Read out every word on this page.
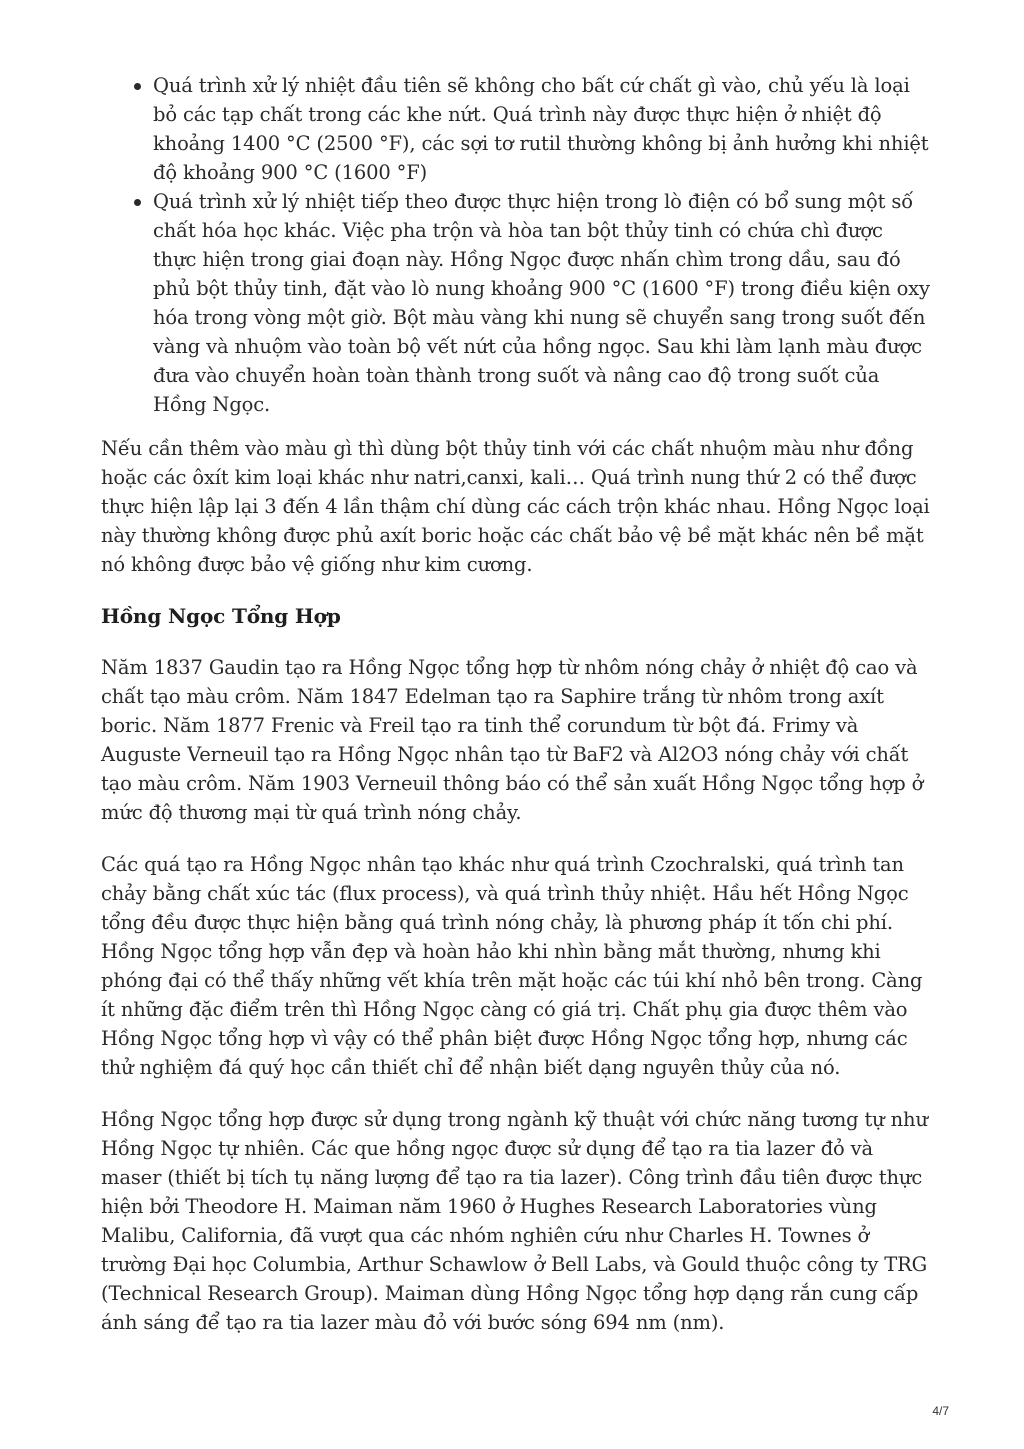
Quá trình xử lý nhiệt đầu tiên sẽ không cho bất cứ chất gì vào, chủ yếu là loại bỏ các tạp chất trong các khe nứt. Quá trình này được thực hiện ở nhiệt độ khoảng 1400 °C (2500 °F), các sợi tơ rutil thường không bị ảnh hưởng khi nhiệt độ khoảng 900 °C (1600 °F)
Quá trình xử lý nhiệt tiếp theo được thực hiện trong lò điện có bổ sung một số chất hóa học khác. Việc pha trộn và hòa tan bột thủy tinh có chứa chì được thực hiện trong giai đoạn này. Hồng Ngọc được nhấn chìm trong dầu, sau đó phủ bột thủy tinh, đặt vào lò nung khoảng 900 °C (1600 °F) trong điều kiện oxy hóa trong vòng một giờ. Bột màu vàng khi nung sẽ chuyển sang trong suốt đến vàng và nhuộm vào toàn bộ vết nứt của hồng ngọc. Sau khi làm lạnh màu được đưa vào chuyển hoàn toàn thành trong suốt và nâng cao độ trong suốt của Hồng Ngọc.

Nếu cần thêm vào màu gì thì dùng bột thủy tinh với các chất nhuộm màu như đồng hoặc các ôxít kim loại khác như natri,canxi, kali… Quá trình nung thứ 2 có thể được thực hiện lập lại 3 đến 4 lần thậm chí dùng các cách trộn khác nhau. Hồng Ngọc loại này thường không được phủ axít boric hoặc các chất bảo vệ bề mặt khác nên bề mặt nó không được bảo vệ giống như kim cương.

Hồng Ngọc Tổng Hợp

Năm 1837 Gaudin tạo ra Hồng Ngọc tổng hợp từ nhôm nóng chảy ở nhiệt độ cao và chất tạo màu crôm. Năm 1847 Edelman tạo ra Saphire trắng từ nhôm trong axít boric. Năm 1877 Frenic và Freil tạo ra tinh thể corundum từ bột đá. Frimy và Auguste Verneuil tạo ra Hồng Ngọc nhân tạo từ BaF2 và Al2O3 nóng chảy với chất tạo màu crôm. Năm 1903 Verneuil thông báo có thể sản xuất Hồng Ngọc tổng hợp ở mức độ thương mại từ quá trình nóng chảy.

Các quá tạo ra Hồng Ngọc nhân tạo khác như quá trình Czochralski, quá trình tan chảy bằng chất xúc tác (flux process), và quá trình thủy nhiệt. Hầu hết Hồng Ngọc tổng đều được thực hiện bằng quá trình nóng chảy, là phương pháp ít tốn chi phí. Hồng Ngọc tổng hợp vẫn đẹp và hoàn hảo khi nhìn bằng mắt thường, nhưng khi phóng đại có thể thấy những vết khía trên mặt hoặc các túi khí nhỏ bên trong. Càng ít những đặc điểm trên thì Hồng Ngọc càng có giá trị. Chất phụ gia được thêm vào Hồng Ngọc tổng hợp vì vậy có thể phân biệt được Hồng Ngọc tổng hợp, nhưng các thử nghiệm đá quý học cần thiết chỉ để nhận biết dạng nguyên thủy của nó.

Hồng Ngọc tổng hợp được sử dụng trong ngành kỹ thuật với chức năng tương tự như Hồng Ngọc tự nhiên. Các que hồng ngọc được sử dụng để tạo ra tia lazer đỏ và maser (thiết bị tích tụ năng lượng để tạo ra tia lazer). Công trình đầu tiên được thực hiện bởi Theodore H. Maiman năm 1960 ở Hughes Research Laboratories vùng Malibu, California, đã vượt qua các nhóm nghiên cứu như Charles H. Townes ở trường Đại học Columbia, Arthur Schawlow ở Bell Labs, và Gould thuộc công ty TRG (Technical Research Group). Maiman dùng Hồng Ngọc tổng hợp dạng rắn cung cấp ánh sáng để tạo ra tia lazer màu đỏ với bước sóng 694 nm (nm).

4/7
